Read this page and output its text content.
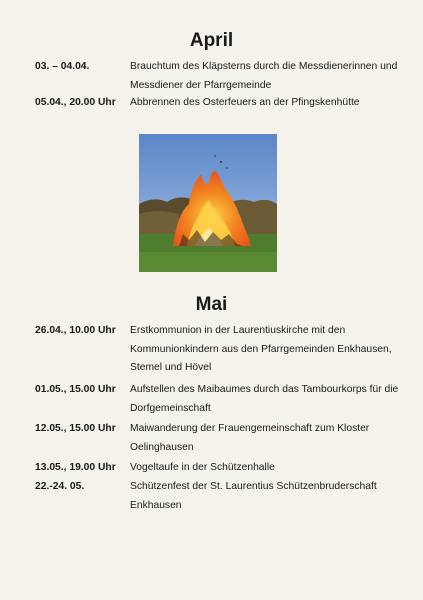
April
03. – 04.04.	Brauchtum des Kläpsterns durch die Messdienerinnen und Messdiener der Pfarrgemeinde
05.04., 20.00 Uhr Abbrennen des Osterfeuers an der Pfingskenhütte
Mai
26.04., 10.00 Uhr Erstkommunion in der Laurentiuskirche mit den Kommunionkindern aus den Pfarrgemeinden Enkhausen, Stemel und Hövel
01.05., 15.00 Uhr Aufstellen des Maibaumes durch das Tambourkorps für die Dorfgemeinschaft
12.05., 15.00 Uhr Maiwanderung der Frauengemeinschaft zum Kloster Oelinghausen
13.05., 19.00 Uhr Vogeltaufe in der Schützenhalle
22.-24. 05.	Schützenfest der St. Laurentius Schützenbruderschaft Enkhausen
